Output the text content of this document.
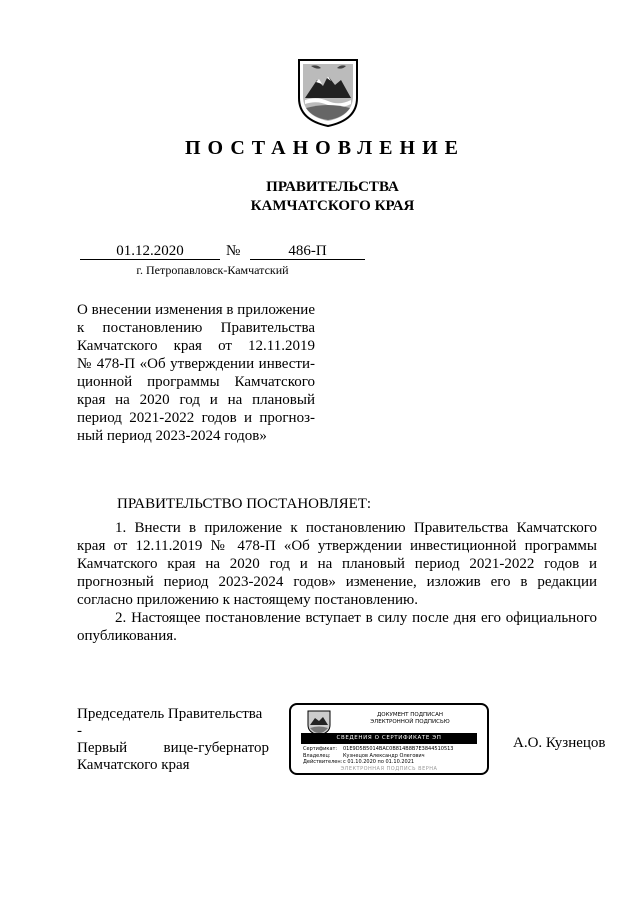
ПОСТАНОВЛЕНИЕ
ПРАВИТЕЛЬСТВА
КАМЧАТСКОГО КРАЯ
01.12.2020	№	486-П
г. Петропавловск-Камчатский
О внесении изменения в приложение
к постановлению Правительства
Камчатского края от 12.11.2019
№ 478-П «Об утверждении инвести-
ционной программы Камчатского
края на 2020 год и на плановый
период 2021-2022 годов и прогноз-
ный период 2023-2024 годов»
ПРАВИТЕЛЬСТВО ПОСТАНОВЛЯЕТ:
1. Внести в приложение к постановлению Правительства Камчатского
края от 12.11.2019 № 478-П «Об утверждении инвестиционной программы
Камчатского края на 2020 год и на плановый период 2021-2022 годов и
прогнозный период 2023-2024 годов» изменение, изложив его в редакции
согласно приложению к настоящему постановлению.
2. Настоящее постановление вступает в силу после дня его официального
опубликования.
Председатель Правительства -
Первый вице-губернатор
Камчатского края
ДОКУМЕНТ ПОДПИСАН
ЭЛЕКТРОННОЙ ПОДПИСЬЮ
СВЕДЕНИЯ О СЕРТИФИКАТЕ ЭП
Сертификат: 01E9D5B5014BAC0B814B8B7E3844510513
Владелец: Кузнецов Александр Олегович
Действителен:с 01.10.2020 по 01.10.2021
ЭЛЕКТРОННАЯ ПОДПИСЬ ВЕРНА
А.О. Кузнецов
